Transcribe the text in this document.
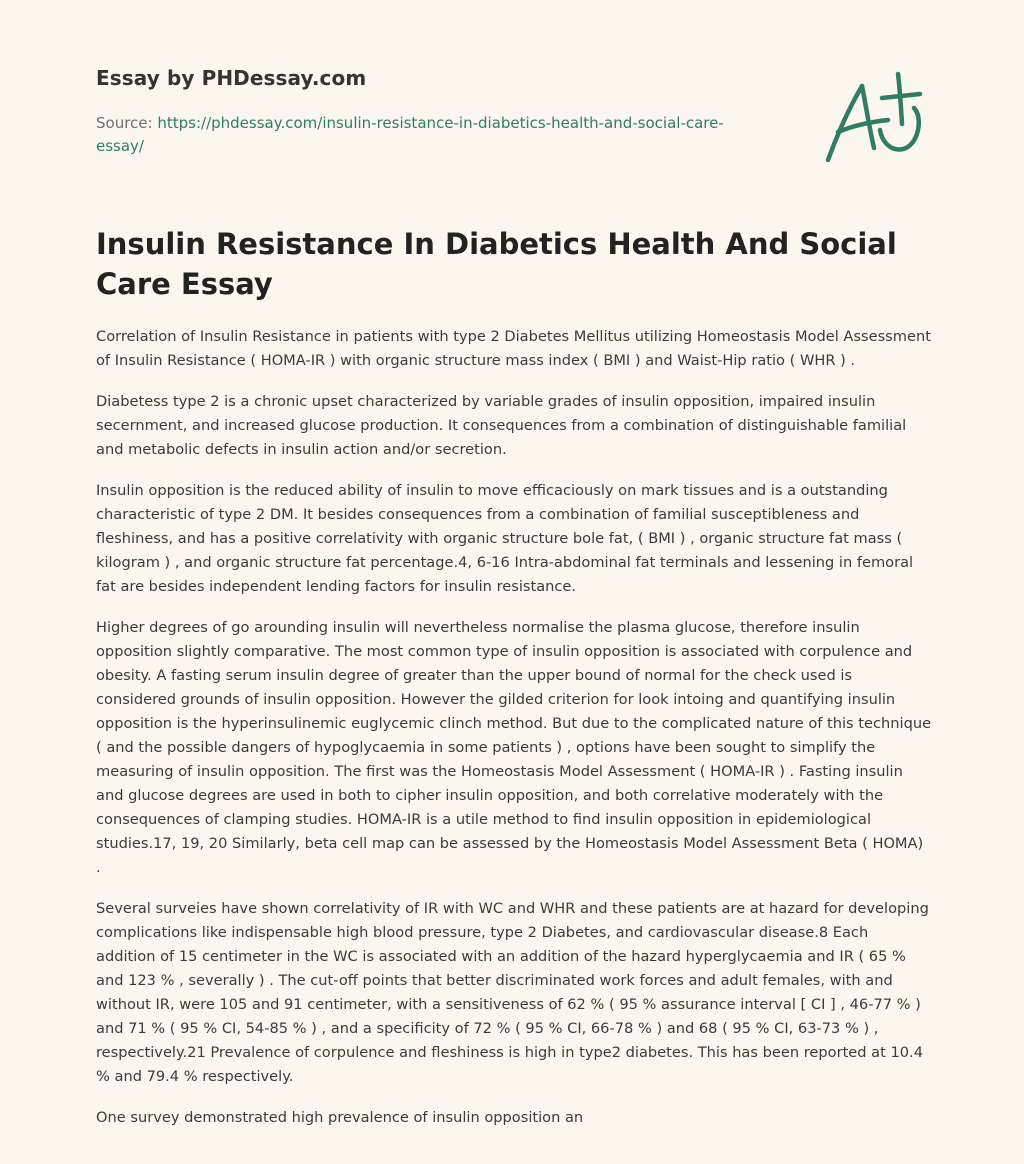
Essay by PHDessay.com
Source: https://phdessay.com/insulin-resistance-in-diabetics-health-and-social-care-essay/
Insulin Resistance In Diabetics Health And Social Care Essay

Correlation of Insulin Resistance in patients with type 2 Diabetes Mellitus utilizing Homeostasis Model Assessment of Insulin Resistance ( HOMA-IR ) with organic structure mass index ( BMI ) and Waist-Hip ratio ( WHR ) .

Diabetess type 2 is a chronic upset characterized by variable grades of insulin opposition, impaired insulin secernment, and increased glucose production. It consequences from a combination of distinguishable familial and metabolic defects in insulin action and/or secretion.

Insulin opposition is the reduced ability of insulin to move efficaciously on mark tissues and is a outstanding characteristic of type 2 DM. It besides consequences from a combination of familial susceptibleness and fleshiness, and has a positive correlativity with organic structure bole fat, ( BMI ) , organic structure fat mass ( kilogram ) , and organic structure fat percentage.4, 6-16 Intra-abdominal fat terminals and lessening in femoral fat are besides independent lending factors for insulin resistance.

Higher degrees of go arounding insulin will nevertheless normalise the plasma glucose, therefore insulin opposition slightly comparative. The most common type of insulin opposition is associated with corpulence and obesity. A fasting serum insulin degree of greater than the upper bound of normal for the check used is considered grounds of insulin opposition. However the gilded criterion for look intoing and quantifying insulin opposition is the hyperinsulinemic euglycemic clinch method. But due to the complicated nature of this technique ( and the possible dangers of hypoglycaemia in some patients ) , options have been sought to simplify the measuring of insulin opposition. The first was the Homeostasis Model Assessment ( HOMA-IR ) . Fasting insulin and glucose degrees are used in both to cipher insulin opposition, and both correlative moderately with the consequences of clamping studies. HOMA-IR is a utile method to find insulin opposition in epidemiological studies.17, 19, 20 Similarly, beta cell map can be assessed by the Homeostasis Model Assessment Beta ( HOMA) .

Several surveies have shown correlativity of IR with WC and WHR and these patients are at hazard for developing complications like indispensable high blood pressure, type 2 Diabetes, and cardiovascular disease.8 Each addition of 15 centimeter in the WC is associated with an addition of the hazard hyperglycaemia and IR ( 65 % and 123 % , severally ) . The cut-off points that better discriminated work forces and adult females, with and without IR, were 105 and 91 centimeter, with a sensitiveness of 62 % ( 95 % assurance interval [ CI ] , 46-77 % ) and 71 % ( 95 % CI, 54-85 % ) , and a specificity of 72 % ( 95 % CI, 66-78 % ) and 68 ( 95 % CI, 63-73 % ) , respectively.21 Prevalence of corpulence and fleshiness is high in type2 diabetes. This has been reported at 10.4 % and 79.4 % respectively.

One survey demonstrated high prevalence of insulin opposition an
